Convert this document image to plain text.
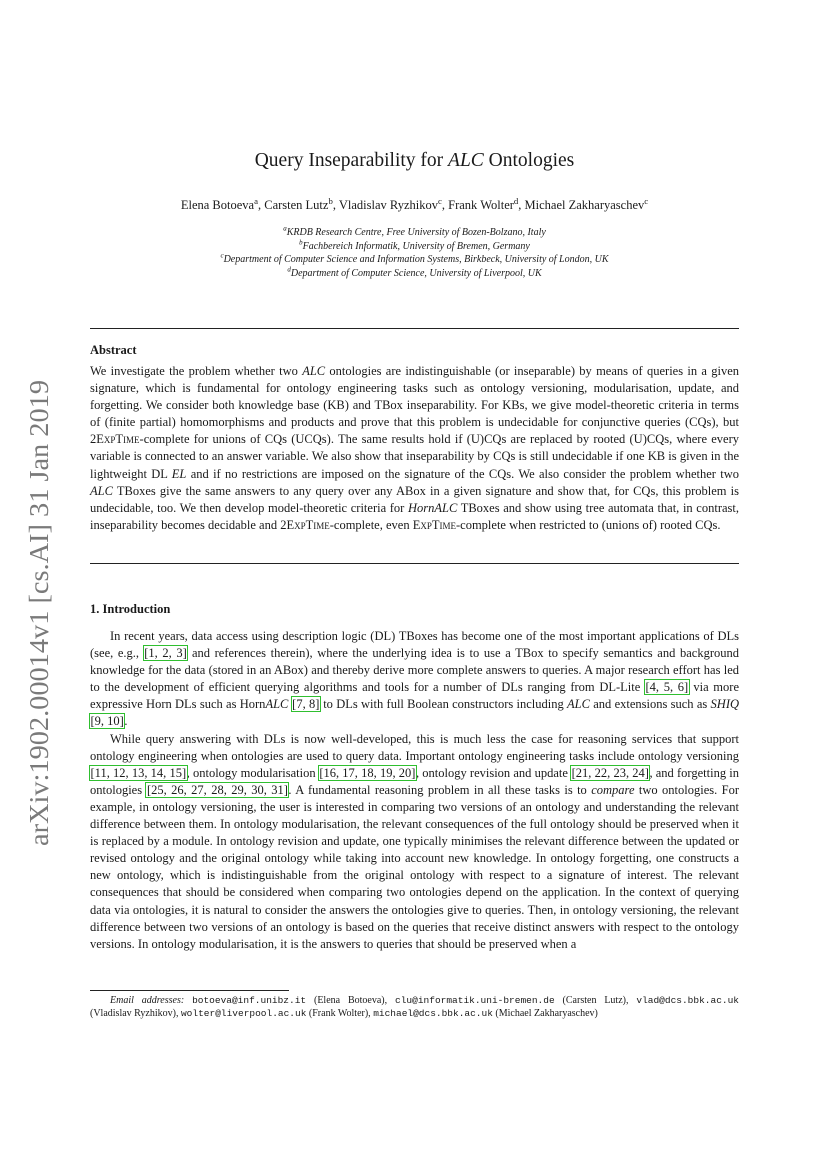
arXiv:1902.00014v1 [cs.AI] 31 Jan 2019
Query Inseparability for ALC Ontologies
Elena Botoeva$^a$, Carsten Lutz$^b$, Vladislav Ryzhikov$^c$, Frank Wolter$^d$, Michael Zakharyaschev$^c$
$^a$KRDB Research Centre, Free University of Bozen-Bolzano, Italy
$^b$Fachbereich Informatik, University of Bremen, Germany
$^c$Department of Computer Science and Information Systems, Birkbeck, University of London, UK
$^d$Department of Computer Science, University of Liverpool, UK
Abstract
We investigate the problem whether two ALC ontologies are indistinguishable (or inseparable) by means of queries in a given signature, which is fundamental for ontology engineering tasks such as ontology versioning, modularisation, update, and forgetting. We consider both knowledge base (KB) and TBox inseparability. For KBs, we give model-theoretic criteria in terms of (finite partial) homomorphisms and products and prove that this problem is undecidable for conjunctive queries (CQs), but 2ExpTime-complete for unions of CQs (UCQs). The same results hold if (U)CQs are replaced by rooted (U)CQs, where every variable is connected to an answer variable. We also show that inseparability by CQs is still undecidable if one KB is given in the lightweight DL EL and if no restrictions are imposed on the signature of the CQs. We also consider the problem whether two ALC TBoxes give the same answers to any query over any ABox in a given signature and show that, for CQs, this problem is undecidable, too. We then develop model-theoretic criteria for HornALC TBoxes and show using tree automata that, in contrast, inseparability becomes decidable and 2ExpTime-complete, even ExpTime-complete when restricted to (unions of) rooted CQs.
1. Introduction

In recent years, data access using description logic (DL) TBoxes has become one of the most important applications of DLs (see, e.g., [1, 2, 3] and references therein), where the underlying idea is to use a TBox to specify semantics and background knowledge for the data (stored in an ABox) and thereby derive more complete answers to queries. A major research effort has led to the development of efficient querying algorithms and tools for a number of DLs ranging from DL-Lite [4, 5, 6] via more expressive Horn DLs such as HornALC [7, 8] to DLs with full Boolean constructors including ALC and extensions such as SHIQ [9, 10].

While query answering with DLs is now well-developed, this is much less the case for reasoning services that support ontology engineering when ontologies are used to query data. Important ontology engineering tasks include ontology versioning [11, 12, 13, 14, 15], ontology modularisation [16, 17, 18, 19, 20], ontology revision and update [21, 22, 23, 24], and forgetting in ontologies [25, 26, 27, 28, 29, 30, 31]. A fundamental reasoning problem in all these tasks is to compare two ontologies. For example, in ontology versioning, the user is interested in comparing two versions of an ontology and understanding the relevant difference between them. In ontology modularisation, the relevant consequences of the full ontology should be preserved when it is replaced by a module. In ontology revision and update, one typically minimises the relevant difference between the updated or revised ontology and the original ontology while taking into account new knowledge. In ontology forgetting, one constructs a new ontology, which is indistinguishable from the original ontology with respect to a signature of interest. The relevant consequences that should be considered when comparing two ontologies depend on the application. In the context of querying data via ontologies, it is natural to consider the answers the ontologies give to queries. Then, in ontology versioning, the relevant difference between two versions of an ontology is based on the queries that receive distinct answers with respect to the ontology versions. In ontology modularisation, it is the answers to queries that should be preserved when a

Email addresses: botoeva@inf.unibz.it (Elena Botoeva), clu@informatik.uni-bremen.de (Carsten Lutz), vlad@dcs.bbk.ac.uk (Vladislav Ryzhikov), wolter@liverpool.ac.uk (Frank Wolter), michael@dcs.bbk.ac.uk (Michael Zakharyaschev)
